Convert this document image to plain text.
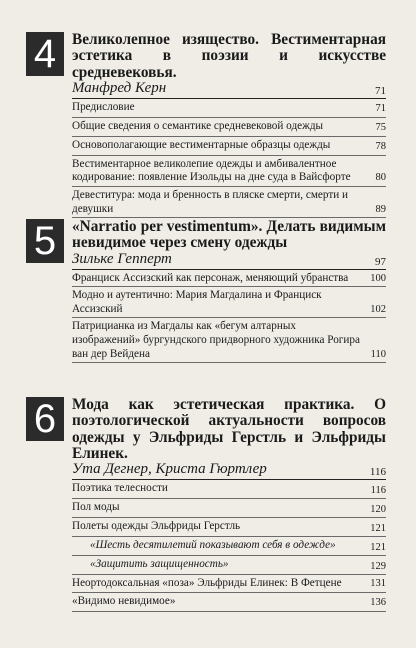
4	Великолепное изящество. Вестиментарная эстетика в поэзии и искусстве средневековья.
Манфред Керн	71
Предисловие	71
Общие сведения о семантике средневековой одежды	75
Основополагающие вестиментарные образцы одежды	78
Вестиментарное великолепие одежды и амбивалентное кодирование: появление Изольды на дне суда в Вайсфорте	80
Девеститура: мода и бренность в пляске смерти, смерти и девушки	89
5	«Narratio per vestimentum». Делать видимым невидимое через смену одежды
Зильке Гепперт	97
Франциск Ассизский как персонаж, меняющий убранства	100
Модно и аутентично: Мария Магдалина и Франциск Ассизский	102
Патрицианка из Магдалы как «бегум алтарных изображений» бургундского придворного художника Рогира ван дер Вейдена	110
6	Мода как эстетическая практика. О поэтологической актуальности вопросов одежды у Эльфриды Герстль и Эльфриды Елинек.
Ута Дегнер, Криста Гюртлер	116
Поэтика телесности	116
Пол моды	120
Полеты одежды Эльфриды Герстль	121
«Шесть десятилетий показывают себя в одежде»	121
«Защитить защищенность»	129
Неортодоксальная «поза» Эльфриды Елинек: В Фетцене	131
«Видимо невидимое»	136
